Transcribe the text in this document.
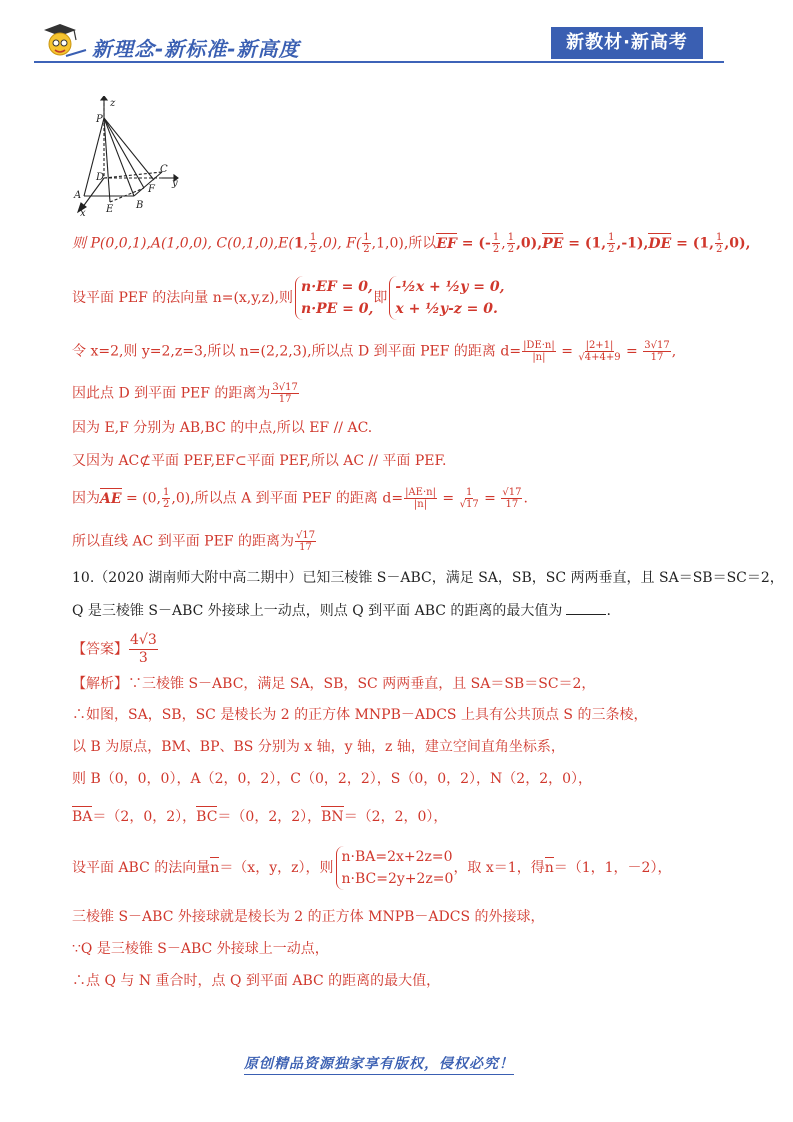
新理念-新标准-新高度	新教材·新高考
z
P
C
y
D
F
A
E B
x
则 P(0,0,1),A(1,0,0), C(0,1,0),E(1, $\frac{1}{2} ,0$), $F( \frac{1}{2} ,1,0)$,所以EF = (- $\frac{1}{2}$ , $\frac{1}{2} ,0),PE = (1$, $\frac{1}{2} ,-1),DE = (1$, $\frac{1}{2} ,0$),
设平面 PEF 的法向量 n=(x,y,z),则
n·EF = 0,
n·PE = 0,
即
-½x + ½y = 0,
x + ½y-z = 0.
令 x=2,则 y=2,z=3,所以 n=(2,2,3),所以点 D 到平面 PEF 的距离 $d= \frac{|DE\cdot n|}{|n|} = \frac{|2+1|}{√4+4+9} = \frac{3√17}{17}$ ,
因此点 D 到平面 PEF 的距离为 $\frac{3√17}{17}$
因为 E,F 分别为 AB,BC 的中点,所以 EF // AC.
又因为 AC⊄平面 PEF,EF⊂平面 PEF,所以 AC // 平面 PEF.
因为AE = (0, $\frac{1}{2} ,0$),所以点 A 到平面 PEF 的距离 $d= \frac{|AE\cdot n|}{|n|} = \frac{1}{√17} = \frac{√17}{17}$ .
所以直线 AC 到平面 PEF 的距离为 $\frac{√17}{17}$
10.（2020 湖南师大附中高二期中）已知三棱锥 S－ABC，满足 SA，SB，SC 两两垂直，且 SA＝SB＝SC＝2，
Q 是三棱锥 S－ABC 外接球上一动点，则点 Q 到平面 ABC 的距离的最大值为	.
【答案】 $\frac{4√3}{3}$
【解析】∵三棱锥 S－ABC，满足 SA，SB，SC 两两垂直，且 SA＝SB＝SC＝2，
∴如图，SA，SB，SC 是棱长为 2 的正方体 MNPB－ADCS 上具有公共顶点 S 的三条棱，
以 B 为原点，BM、BP、BS 分别为 x 轴，y 轴，z 轴，建立空间直角坐标系，
则 B（0，0，0），A（2，0，2），C（0，2，2），S（0，0，2），N（2，2，0），
BA＝（2，0，2），BC＝（0，2，2），BN＝（2，2，0），
设平面 ABC 的法向量n＝（x，y，z），则
n·BA=2x+2z=0
n·BC=2y+2z=0
，取 x＝1，得n＝（1，1，－2），
三棱锥 S－ABC 外接球就是棱长为 2 的正方体 MNPB－ADCS 的外接球，
∵Q 是三棱锥 S－ABC 外接球上一动点，
∴点 Q 与 N 重合时，点 Q 到平面 ABC 的距离的最大值，
原创精品资源独家享有版权，侵权必究！
